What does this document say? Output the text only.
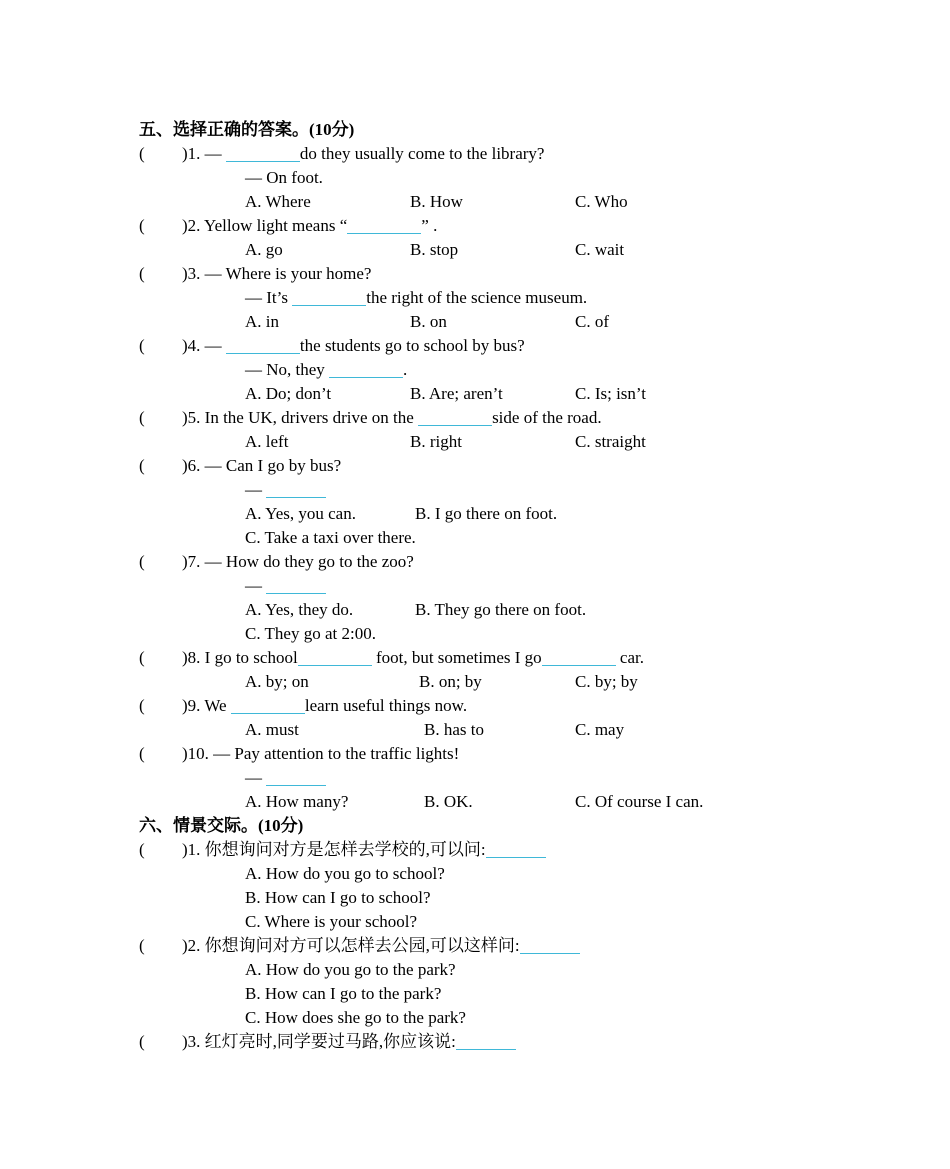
五、选择正确的答案。(10分)
( )1. —	do they usually come to the library?
— On foot.
A. Where	B. How	C. Who
( )2. Yellow light means “	” .
A. go	B. stop	C. wait
( )3. — Where is your home?
— It’s	the right of the science museum.
A. in	B. on	C. of
( )4. —	the students go to school by bus?
— No, they	.
A. Do; don’t	B. Are; aren’t	C. Is; isn’t
( )5. In the UK, drivers drive on the	side of the road.
A. left	B. right	C. straight
( )6. — Can I go by bus?
—
A. Yes, you can.	B. I go there on foot.
C. Take a taxi over there.
( )7. — How do they go to the zoo?
—
A. Yes, they do.	B. They go there on foot.
C. They go at 2:00.
( )8. I go to school	foot, but sometimes I go	car.
A. by; on	B. on; by	C. by; by
( )9. We	learn useful things now.
A. must	B. has to	C. may
( )10. — Pay attention to the traffic lights!
—
A. How many?	B. OK.	C. Of course I can.
六、情景交际。(10分)
( )1. 你想询问对方是怎样去学校的,可以问:
A. How do you go to school?
B. How can I go to school?
C. Where is your school?
( )2. 你想询问对方可以怎样去公园,可以这样问:
A. How do you go to the park?
B. How can I go to the park?
C. How does she go to the park?
( )3. 红灯亮时,同学要过马路,你应该说:
